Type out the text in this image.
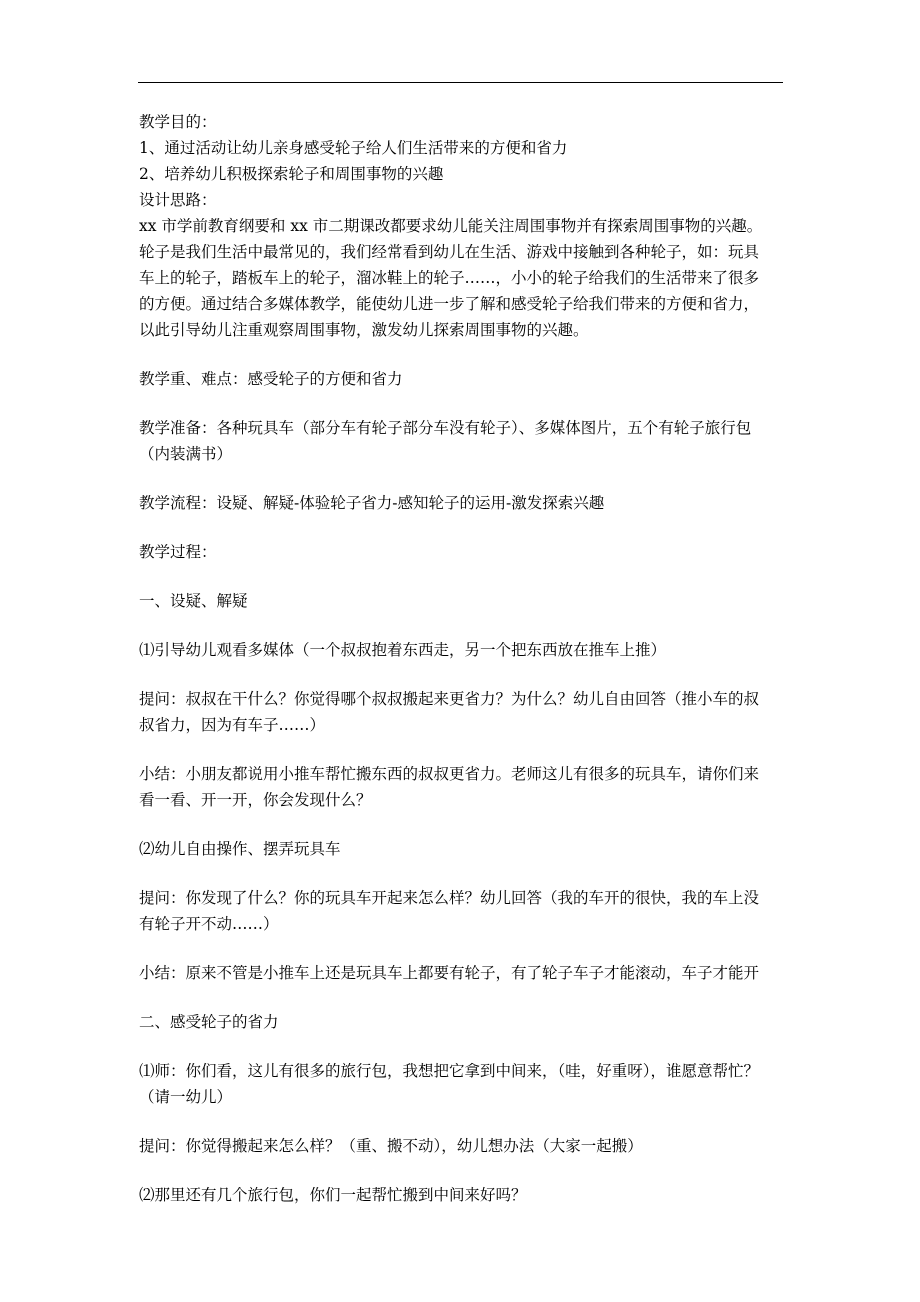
教学目的：
1、通过活动让幼儿亲身感受轮子给人们生活带来的方便和省力
2、培养幼儿积极探索轮子和周围事物的兴趣
设计思路：
xx 市学前教育纲要和 xx 市二期课改都要求幼儿能关注周围事物并有探索周围事物的兴趣。
轮子是我们生活中最常见的，我们经常看到幼儿在生活、游戏中接触到各种轮子，如：玩具
车上的轮子，踏板车上的轮子，溜冰鞋上的轮子……，小小的轮子给我们的生活带来了很多
的方便。通过结合多媒体教学，能使幼儿进一步了解和感受轮子给我们带来的方便和省力，
以此引导幼儿注重观察周围事物，激发幼儿探索周围事物的兴趣。
教学重、难点：感受轮子的方便和省力
教学准备：各种玩具车（部分车有轮子部分车没有轮子）、多媒体图片，五个有轮子旅行包
（内装满书）
教学流程：设疑、解疑-体验轮子省力-感知轮子的运用-激发探索兴趣
教学过程：
一、设疑、解疑
⑴引导幼儿观看多媒体（一个叔叔抱着东西走，另一个把东西放在推车上推）
提问：叔叔在干什么？你觉得哪个叔叔搬起来更省力？为什么？幼儿自由回答（推小车的叔
叔省力，因为有车子……）
小结：小朋友都说用小推车帮忙搬东西的叔叔更省力。老师这儿有很多的玩具车，请你们来
看一看、开一开，你会发现什么？
⑵幼儿自由操作、摆弄玩具车
提问：你发现了什么？你的玩具车开起来怎么样？幼儿回答（我的车开的很快，我的车上没
有轮子开不动……）
小结：原来不管是小推车上还是玩具车上都要有轮子，有了轮子车子才能滚动，车子才能开
二、感受轮子的省力
⑴师：你们看，这儿有很多的旅行包，我想把它拿到中间来，（哇，好重呀），谁愿意帮忙？
（请一幼儿）
提问：你觉得搬起来怎么样？（重、搬不动），幼儿想办法（大家一起搬）
⑵那里还有几个旅行包，你们一起帮忙搬到中间来好吗？
